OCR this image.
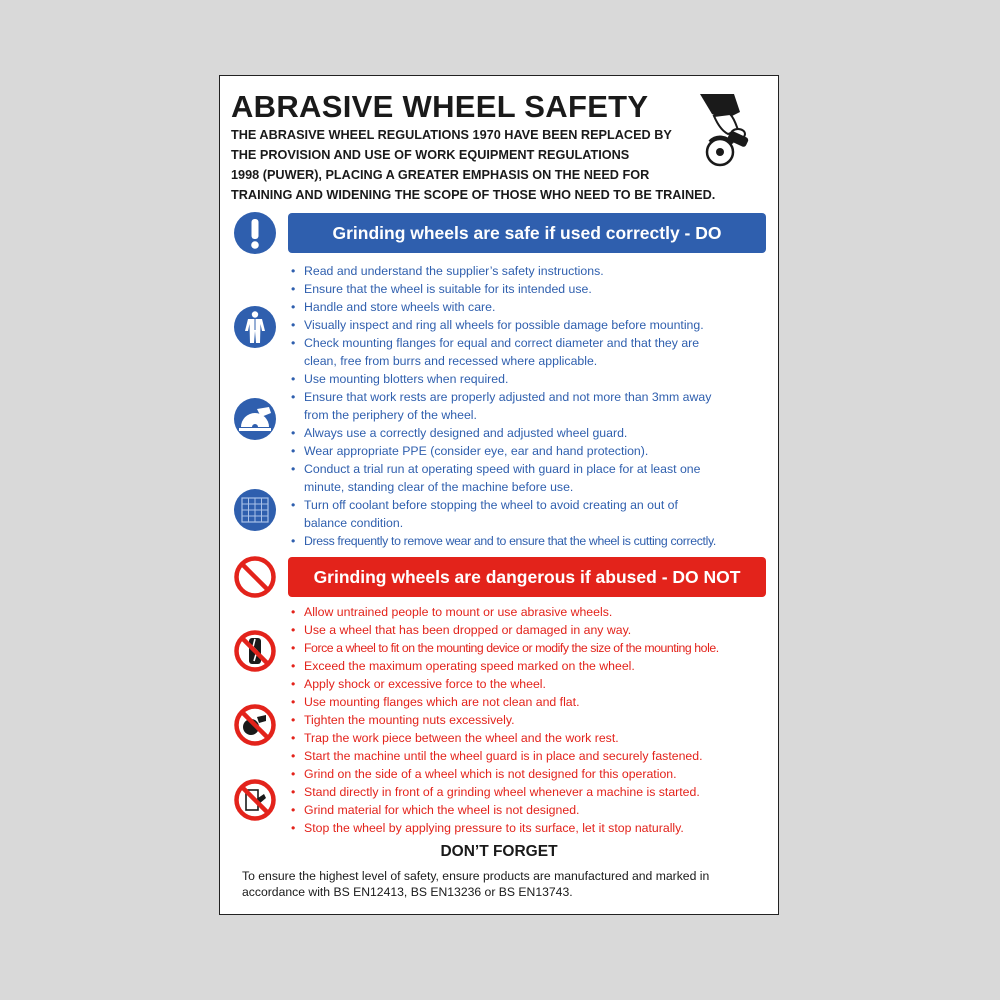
ABRASIVE WHEEL SAFETY
THE ABRASIVE WHEEL REGULATIONS 1970 HAVE BEEN REPLACED BY
THE PROVISION AND USE OF WORK EQUIPMENT REGULATIONS
1998 (PUWER), PLACING A GREATER EMPHASIS ON THE NEED FOR
TRAINING AND WIDENING THE SCOPE OF THOSE WHO NEED TO BE TRAINED.
Grinding wheels are safe if used correctly - DO
• Read and understand the supplier’s safety instructions.
• Ensure that the wheel is suitable for its intended use.
• Handle and store wheels with care.
• Visually inspect and ring all wheels for possible damage before mounting.
• Check mounting flanges for equal and correct diameter and that they are
clean, free from burrs and recessed where applicable.
• Use mounting blotters when required.
• Ensure that work rests are properly adjusted and not more than 3mm away
from the periphery of the wheel.
• Always use a correctly designed and adjusted wheel guard.
• Wear appropriate PPE (consider eye, ear and hand protection).
• Conduct a trial run at operating speed with guard in place for at least one
minute, standing clear of the machine before use.
• Turn off coolant before stopping the wheel to avoid creating an out of
balance condition.
• Dress frequently to remove wear and to ensure that the wheel is cutting correctly.
Grinding wheels are dangerous if abused - DO NOT
• Allow untrained people to mount or use abrasive wheels.
• Use a wheel that has been dropped or damaged in any way.
• Force a wheel to fit on the mounting device or modify the size of the mounting hole.
• Exceed the maximum operating speed marked on the wheel.
• Apply shock or excessive force to the wheel.
• Use mounting flanges which are not clean and flat.
• Tighten the mounting nuts excessively.
• Trap the work piece between the wheel and the work rest.
• Start the machine until the wheel guard is in place and securely fastened.
• Grind on the side of a wheel which is not designed for this operation.
• Stand directly in front of a grinding wheel whenever a machine is started.
• Grind material for which the wheel is not designed.
• Stop the wheel by applying pressure to its surface, let it stop naturally.
DON’T FORGET
To ensure the highest level of safety, ensure products are manufactured and marked in
accordance with BS EN12413, BS EN13236 or BS EN13743.
